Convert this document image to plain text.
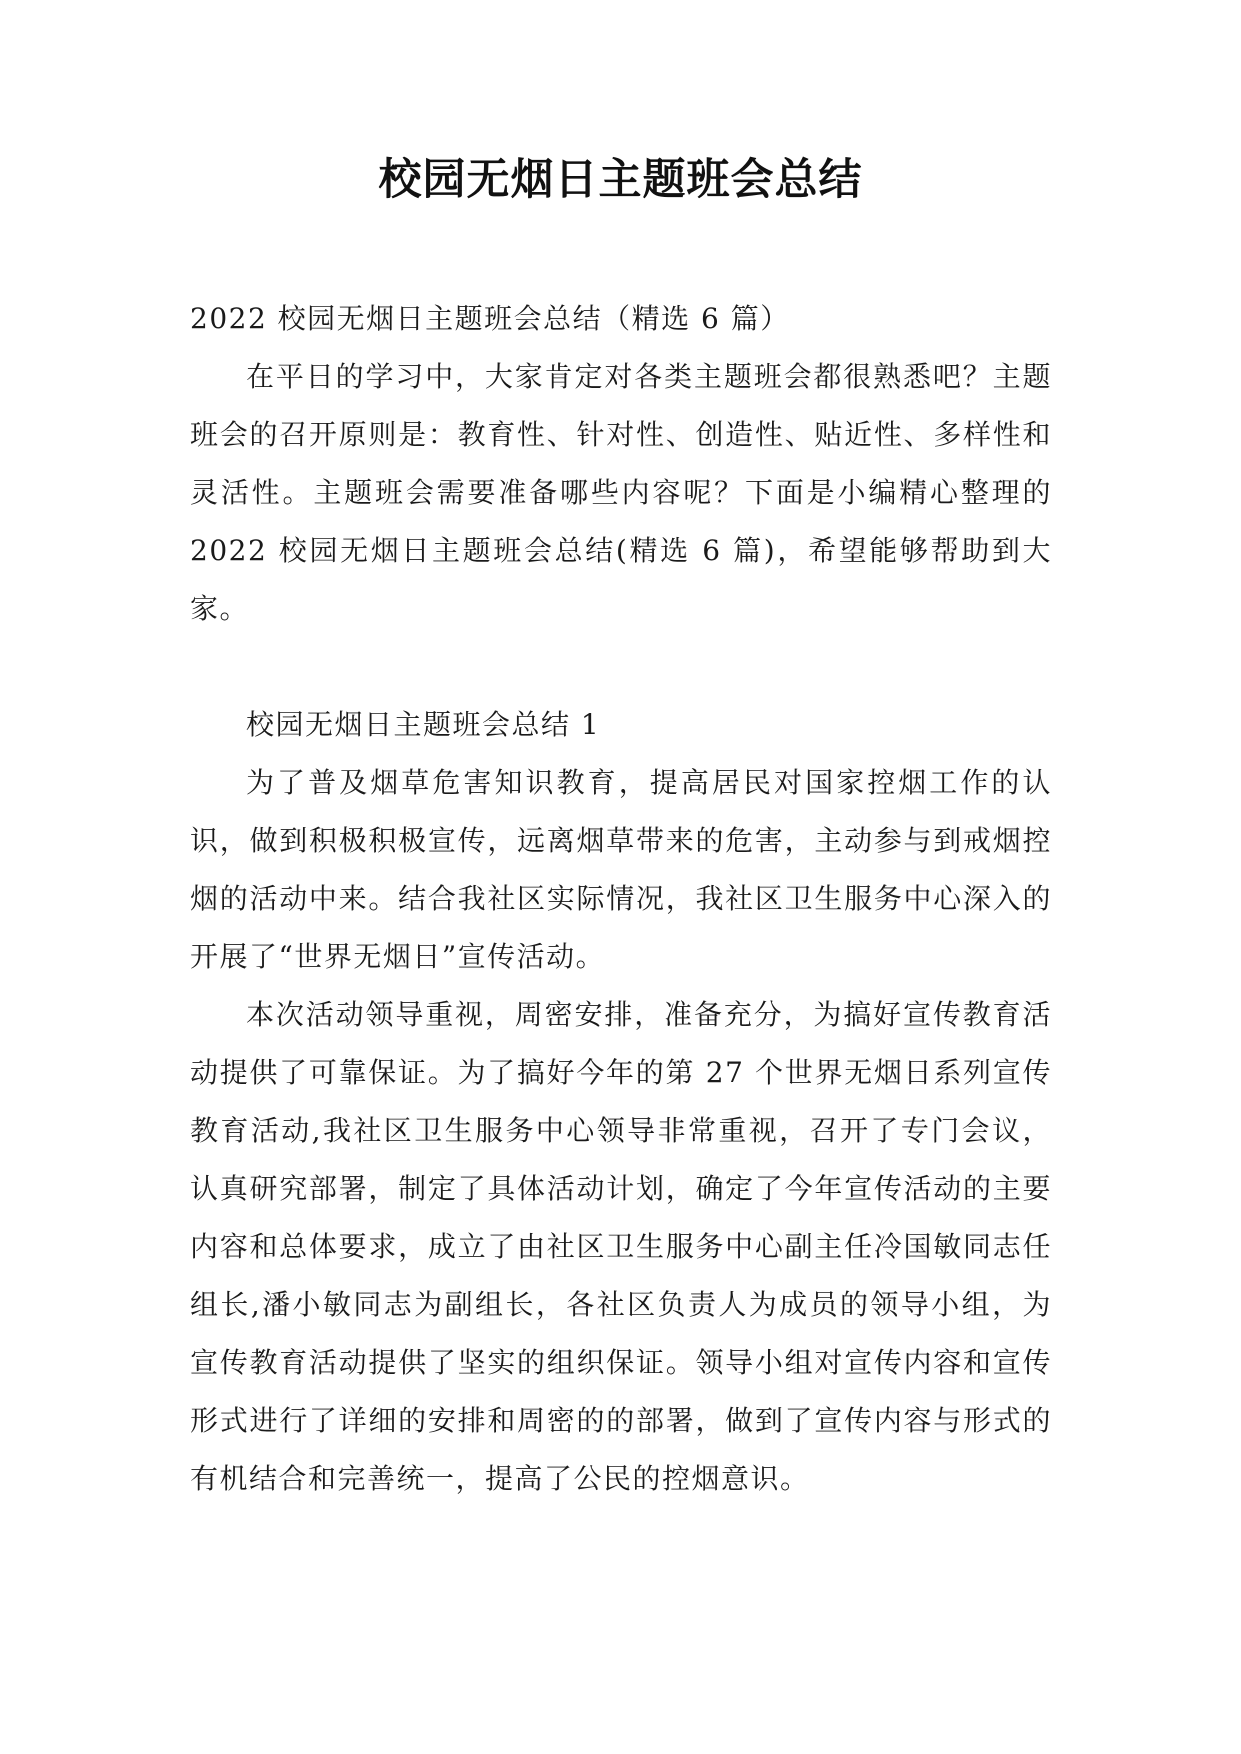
校园无烟日主题班会总结

2022 校园无烟日主题班会总结（精选 6 篇）

在平日的学习中，大家肯定对各类主题班会都很熟悉吧？主题班会的召开原则是：教育性、针对性、创造性、贴近性、多样性和灵活性。主题班会需要准备哪些内容呢？下面是小编精心整理的2022 校园无烟日主题班会总结(精选 6 篇)，希望能够帮助到大家。

校园无烟日主题班会总结 1

为了普及烟草危害知识教育，提高居民对国家控烟工作的认识，做到积极积极宣传，远离烟草带来的危害，主动参与到戒烟控烟的活动中来。结合我社区实际情况，我社区卫生服务中心深入的开展了“世界无烟日”宣传活动。

本次活动领导重视，周密安排，准备充分，为搞好宣传教育活动提供了可靠保证。为了搞好今年的第 27 个世界无烟日系列宣传教育活动,我社区卫生服务中心领导非常重视，召开了专门会议，认真研究部署，制定了具体活动计划，确定了今年宣传活动的主要内容和总体要求，成立了由社区卫生服务中心副主任冷国敏同志任组长,潘小敏同志为副组长，各社区负责人为成员的领导小组，为宣传教育活动提供了坚实的组织保证。领导小组对宣传内容和宣传形式进行了详细的安排和周密的的部署，做到了宣传内容与形式的有机结合和完善统一，提高了公民的控烟意识。
